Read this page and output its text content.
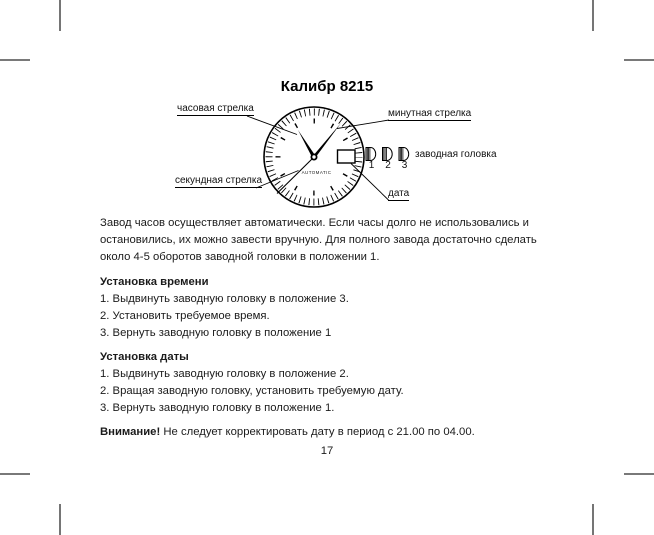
Калибр 8215
часовая стрелка	минутная стрелка
секундная стрелка
заводная головка
дата
1	2	3
AUTOMATIC
Завод часов осуществляет автоматически. Если часы долго не использовались и
остановились, их можно завести вручную. Для полного завода достаточно сделать
около 4-5 оборотов заводной головки в положении 1.
Установка времени
1. Выдвинуть заводную головку в положение 3.
2. Установить требуемое время.
3. Вернуть заводную головку в положение 1
Установка даты
1. Выдвинуть заводную головку в положение 2.
2. Вращая заводную головку, установить требуемую дату.
3. Вернуть заводную головку в положение 1.
Внимание! Не следует корректировать дату в период с 21.00 по 04.00.
17
